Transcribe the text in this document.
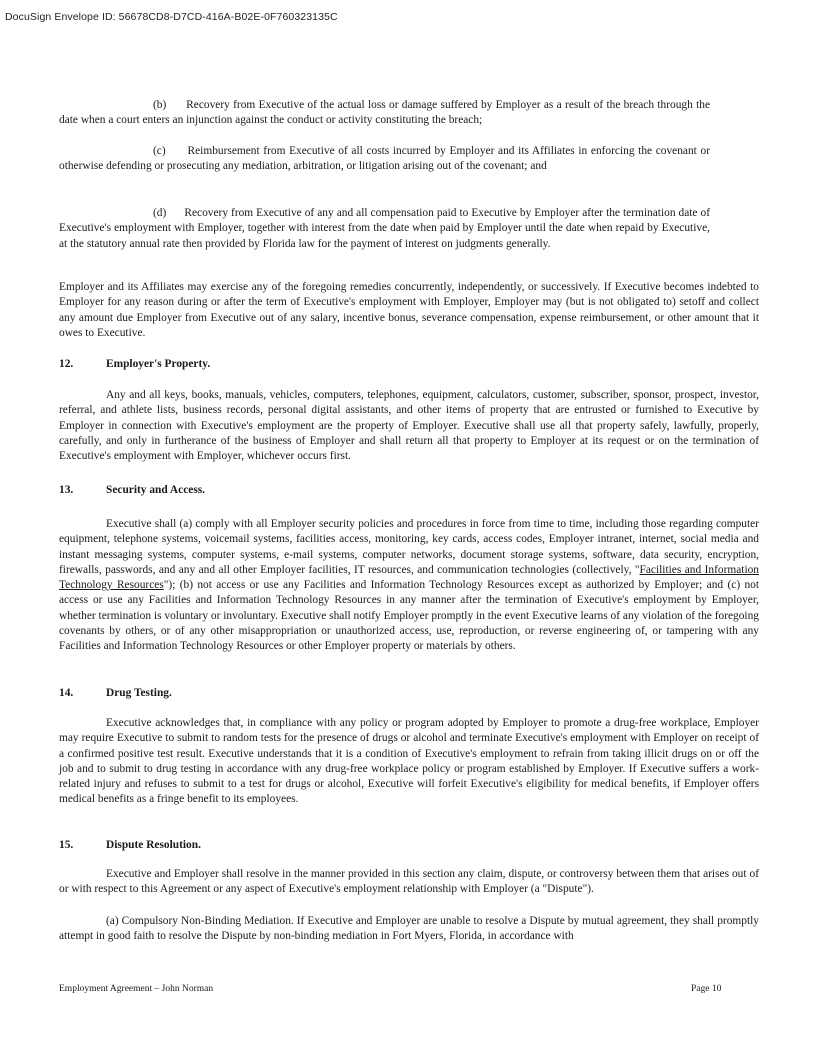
DocuSign Envelope ID: 56678CD8-D7CD-416A-B02E-0F760323135C

(b) Recovery from Executive of the actual loss or damage suffered by Employer as a result of the breach through the date when a court enters an injunction against the conduct or activity constituting the breach;

(c) Reimbursement from Executive of all costs incurred by Employer and its Affiliates in enforcing the covenant or otherwise defending or prosecuting any mediation, arbitration, or litigation arising out of the covenant; and

(d) Recovery from Executive of any and all compensation paid to Executive by Employer after the termination date of Executive's employment with Employer, together with interest from the date when paid by Employer until the date when repaid by Executive, at the statutory annual rate then provided by Florida law for the payment of interest on judgments generally.

Employer and its Affiliates may exercise any of the foregoing remedies concurrently, independently, or successively. If Executive becomes indebted to Employer for any reason during or after the term of Executive's employment with Employer, Employer may (but is not obligated to) setoff and collect any amount due Employer from Executive out of any salary, incentive bonus, severance compensation, expense reimbursement, or other amount that it owes to Executive.

12.	Employer's Property.

Any and all keys, books, manuals, vehicles, computers, telephones, equipment, calculators, customer, subscriber, sponsor, prospect, investor, referral, and athlete lists, business records, personal digital assistants, and other items of property that are entrusted or furnished to Executive by Employer in connection with Executive's employment are the property of Employer. Executive shall use all that property safely, lawfully, properly, carefully, and only in furtherance of the business of Employer and shall return all that property to Employer at its request or on the termination of Executive's employment with Employer, whichever occurs first.

13.	Security and Access.

Executive shall (a) comply with all Employer security policies and procedures in force from time to time, including those regarding computer equipment, telephone systems, voicemail systems, facilities access, monitoring, key cards, access codes, Employer intranet, internet, social media and instant messaging systems, computer systems, e-mail systems, computer networks, document storage systems, software, data security, encryption, firewalls, passwords, and any and all other Employer facilities, IT resources, and communication technologies (collectively, "Facilities and Information Technology Resources"); (b) not access or use any Facilities and Information Technology Resources except as authorized by Employer; and (c) not access or use any Facilities and Information Technology Resources in any manner after the termination of Executive's employment by Employer, whether termination is voluntary or involuntary. Executive shall notify Employer promptly in the event Executive learns of any violation of the foregoing covenants by others, or of any other misappropriation or unauthorized access, use, reproduction, or reverse engineering of, or tampering with any Facilities and Information Technology Resources or other Employer property or materials by others.

14.	Drug Testing.

Executive acknowledges that, in compliance with any policy or program adopted by Employer to promote a drug-free workplace, Employer may require Executive to submit to random tests for the presence of drugs or alcohol and terminate Executive's employment with Employer on receipt of a confirmed positive test result. Executive understands that it is a condition of Executive's employment to refrain from taking illicit drugs on or off the job and to submit to drug testing in accordance with any drug-free workplace policy or program established by Employer. If Executive suffers a work-related injury and refuses to submit to a test for drugs or alcohol, Executive will forfeit Executive's eligibility for medical benefits, if Employer offers medical benefits as a fringe benefit to its employees.

15.	Dispute Resolution.

Executive and Employer shall resolve in the manner provided in this section any claim, dispute, or controversy between them that arises out of or with respect to this Agreement or any aspect of Executive's employment relationship with Employer (a "Dispute").

(a) Compulsory Non-Binding Mediation. If Executive and Employer are unable to resolve a Dispute by mutual agreement, they shall promptly attempt in good faith to resolve the Dispute by non-binding mediation in Fort Myers, Florida, in accordance with

Employment Agreement – John Norman	Page 10
